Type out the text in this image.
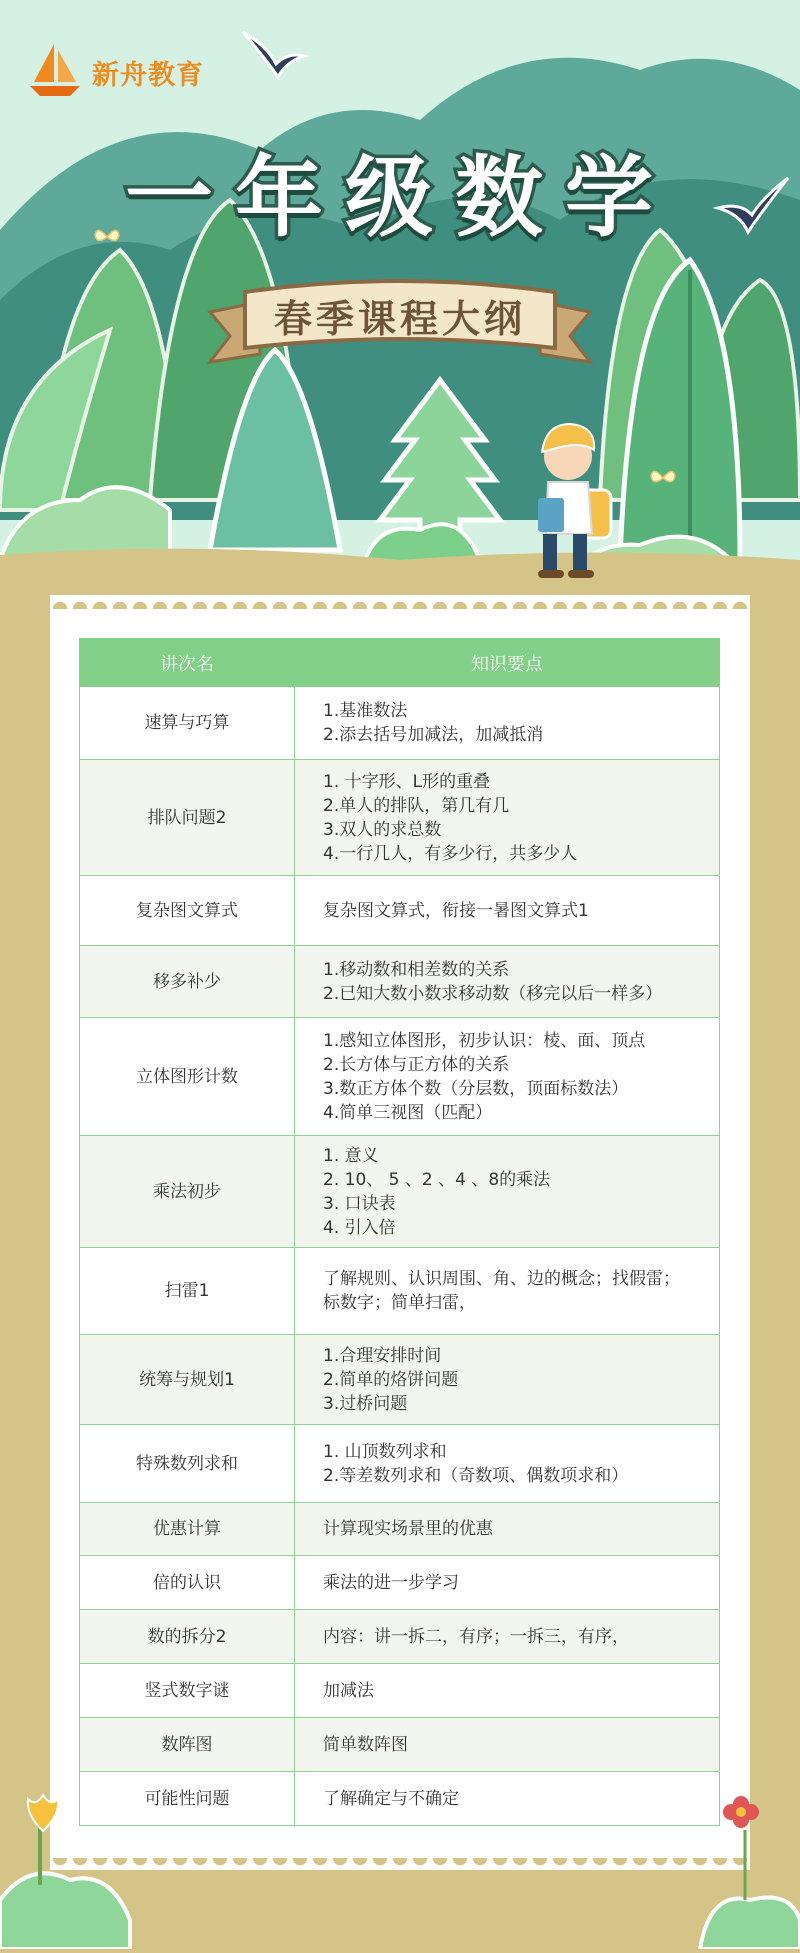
新舟教育
一年级数学
春季课程大纲
讲次名	知识要点
速算与巧算	1.基准数法
2.添去括号加减法，加减抵消

排队问题2	1. 十字形、L形的重叠
2.单人的排队，第几有几
3.双人的求总数
4.一行几人，有多少行，共多少人

复杂图文算式	复杂图文算式，衔接一暑图文算式1

移多补少	1.移动数和相差数的关系
2.已知大数小数求移动数（移完以后一样多）

立体图形计数	1.感知立体图形，初步认识：棱、面、顶点
2.长方体与正方体的关系
3.数正方体个数（分层数，顶面标数法）
4.简单三视图（匹配）

乘法初步	1. 意义
2. 10、 5 、2 、4 、8的乘法
3. 口诀表
4. 引入倍

扫雷1	了解规则、认识周围、角、边的概念；找假雷；
标数字；简单扫雷，

统筹与规划1	1.合理安排时间
2.简单的烙饼问题
3.过桥问题

特殊数列求和	1. 山顶数列求和
2.等差数列求和（奇数项、偶数项求和）

优惠计算	计算现实场景里的优惠

倍的认识	乘法的进一步学习

数的拆分2	内容：讲一拆二，有序；一拆三，有序，

竖式数字谜	加减法

数阵图	简单数阵图

可能性问题	了解确定与不确定
